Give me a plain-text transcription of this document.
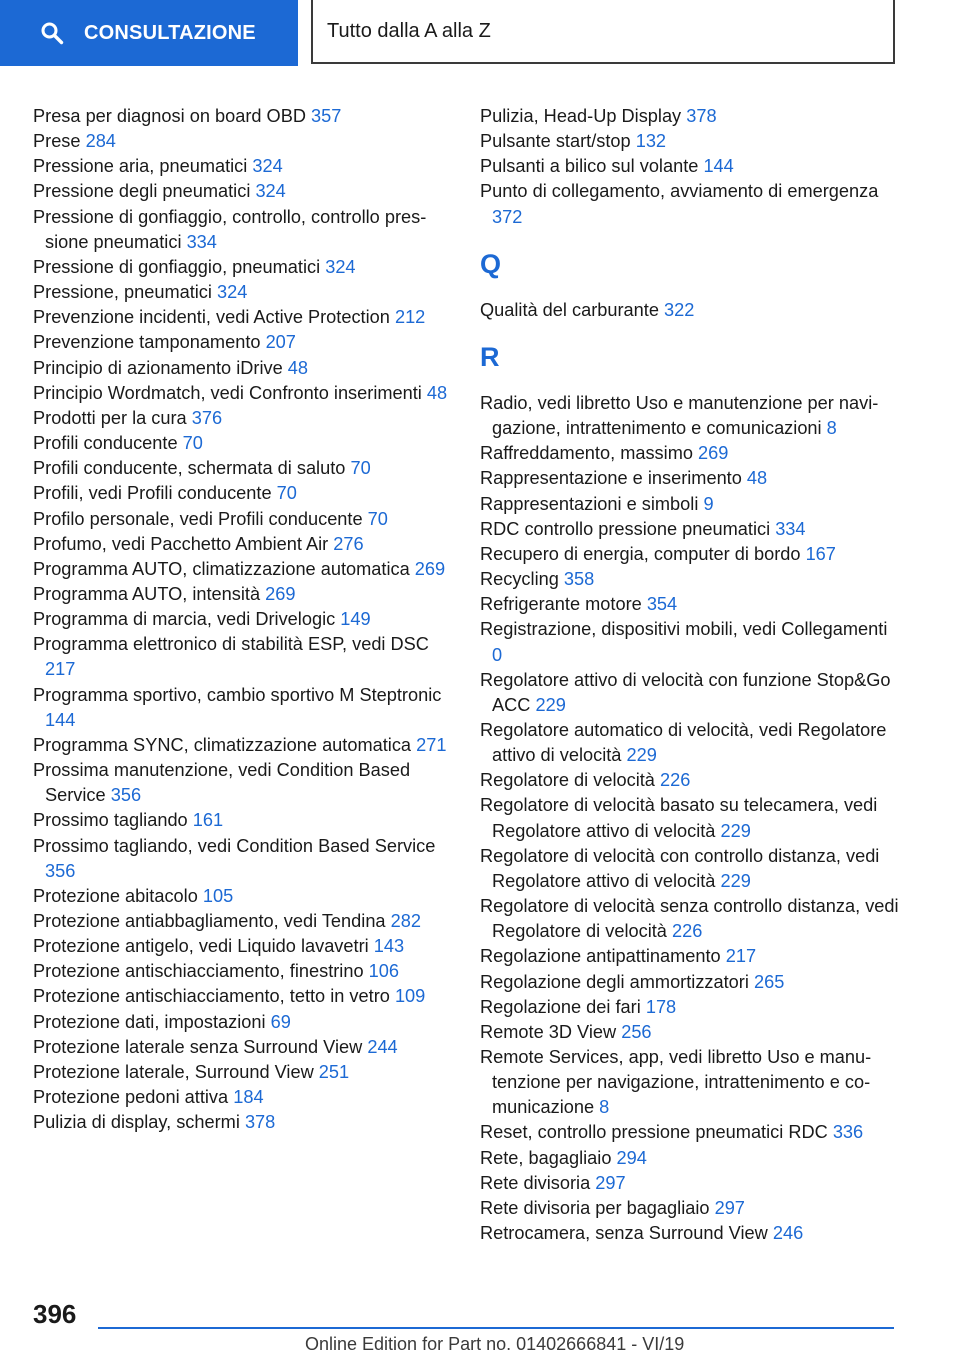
CONSULTAZIONE	Tutto dalla A alla Z
Presa per diagnosi on board OBD 357
Prese 284
Pressione aria, pneumatici 324
Pressione degli pneumatici 324
Pressione di gonfiaggio, controllo, controllo pressione pneumatici 334
Pressione di gonfiaggio, pneumatici 324
Pressione, pneumatici 324
Prevenzione incidenti, vedi Active Protection 212
Prevenzione tamponamento 207
Principio di azionamento iDrive 48
Principio Wordmatch, vedi Confronto inserimenti 48
Prodotti per la cura 376
Profili conducente 70
Profili conducente, schermata di saluto 70
Profili, vedi Profili conducente 70
Profilo personale, vedi Profili conducente 70
Profumo, vedi Pacchetto Ambient Air 276
Programma AUTO, climatizzazione automatica 269
Programma AUTO, intensità 269
Programma di marcia, vedi Drivelogic 149
Programma elettronico di stabilità ESP, vedi DSC 217
Programma sportivo, cambio sportivo M Steptronic 144
Programma SYNC, climatizzazione automatica 271
Prossima manutenzione, vedi Condition Based Service 356
Prossimo tagliando 161
Prossimo tagliando, vedi Condition Based Service 356
Protezione abitacolo 105
Protezione antiabbagliamento, vedi Tendina 282
Protezione antigelo, vedi Liquido lavavetri 143
Protezione antischiacciamento, finestrino 106
Protezione antischiacciamento, tetto in vetro 109
Protezione dati, impostazioni 69
Protezione laterale senza Surround View 244
Protezione laterale, Surround View 251
Protezione pedoni attiva 184
Pulizia di display, schermi 378
Pulizia, Head-Up Display 378
Pulsante start/stop 132
Pulsanti a bilico sul volante 144
Punto di collegamento, avviamento di emergenza 372
Q
Qualità del carburante 322
R
Radio, vedi libretto Uso e manutenzione per navigazione, intrattenimento e comunicazioni 8
Raffreddamento, massimo 269
Rappresentazione e inserimento 48
Rappresentazioni e simboli 9
RDC controllo pressione pneumatici 334
Recupero di energia, computer di bordo 167
Recycling 358
Refrigerante motore 354
Registrazione, dispositivi mobili, vedi Collegamenti 0
Regolatore attivo di velocità con funzione Stop&Go ACC 229
Regolatore automatico di velocità, vedi Regolatore attivo di velocità 229
Regolatore di velocità 226
Regolatore di velocità basato su telecamera, vedi Regolatore attivo di velocità 229
Regolatore di velocità con controllo distanza, vedi Regolatore attivo di velocità 229
Regolatore di velocità senza controllo distanza, vedi Regolatore di velocità 226
Regolazione antipattinamento 217
Regolazione degli ammortizzatori 265
Regolazione dei fari 178
Remote 3D View 256
Remote Services, app, vedi libretto Uso e manutenzione per navigazione, intrattenimento e comunicazione 8
Reset, controllo pressione pneumatici RDC 336
Rete, bagagliaio 294
Rete divisoria 297
Rete divisoria per bagagliaio 297
Retrocamera, senza Surround View 246
396
Online Edition for Part no. 01402666841 - VI/19
